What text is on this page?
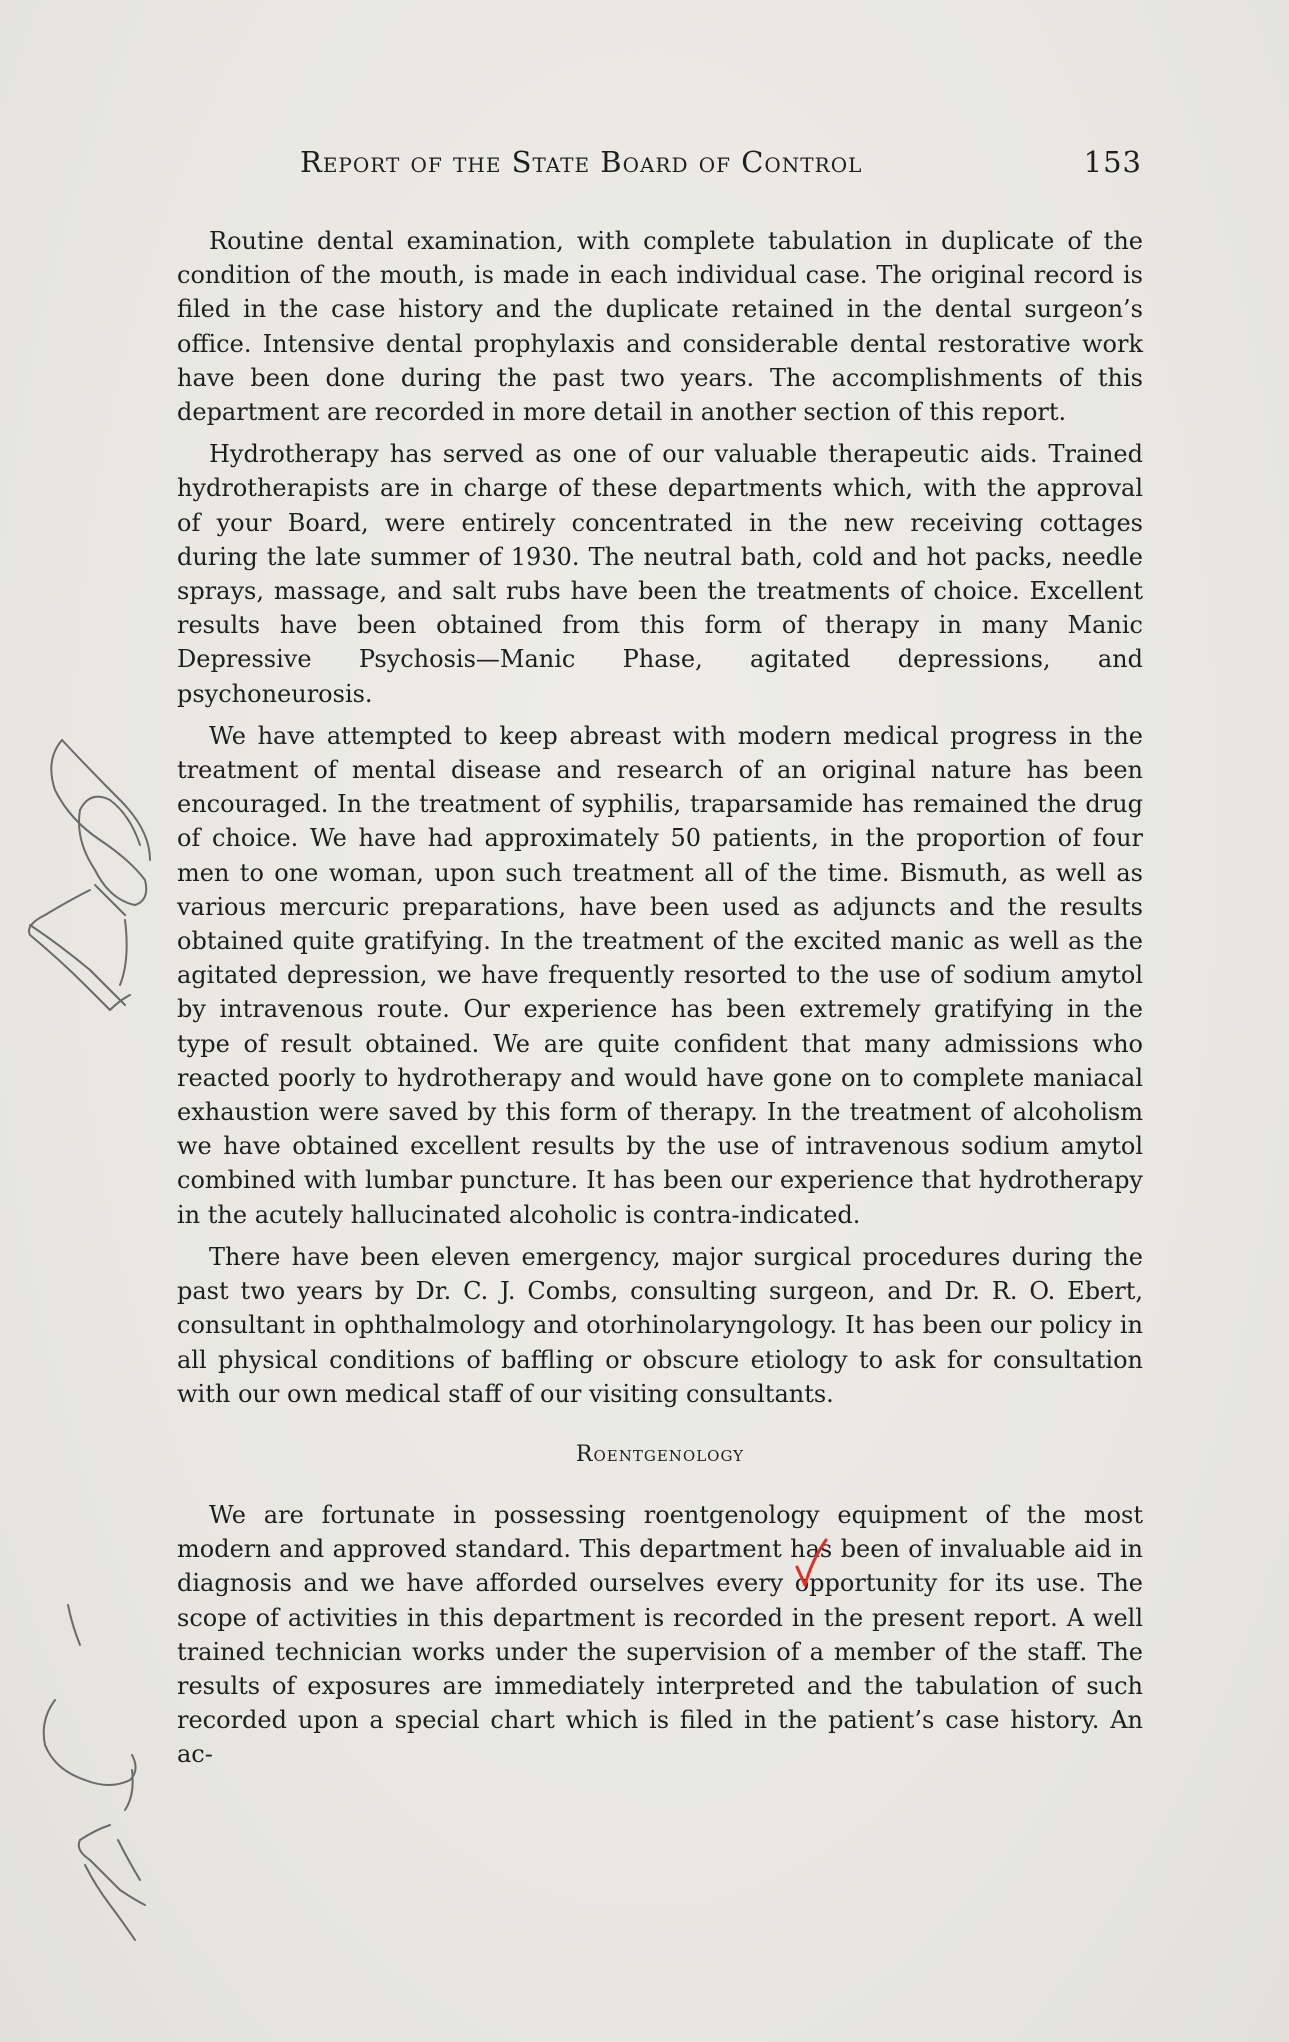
Report of the State Board of Control	153

Routine dental examination, with complete tabulation in duplicate of the condition of the mouth, is made in each individual case. The original record is filed in the case history and the duplicate retained in the dental surgeon’s office. Intensive dental prophylaxis and considerable dental restorative work have been done during the past two years. The accomplishments of this department are recorded in more detail in another section of this report.

Hydrotherapy has served as one of our valuable therapeutic aids. Trained hydrotherapists are in charge of these departments which, with the approval of your Board, were entirely concentrated in the new receiving cottages during the late summer of 1930. The neutral bath, cold and hot packs, needle sprays, massage, and salt rubs have been the treatments of choice. Excellent results have been obtained from this form of therapy in many Manic Depressive Psychosis—Manic Phase, agitated depressions, and psychoneurosis.

We have attempted to keep abreast with modern medical progress in the treatment of mental disease and research of an original nature has been encouraged. In the treatment of syphilis, traparsamide has remained the drug of choice. We have had approximately 50 patients, in the proportion of four men to one woman, upon such treatment all of the time. Bismuth, as well as various mercuric preparations, have been used as adjuncts and the results obtained quite gratifying. In the treatment of the excited manic as well as the agitated depression, we have frequently resorted to the use of sodium amytol by intravenous route. Our experience has been extremely gratifying in the type of result obtained. We are quite confident that many admissions who reacted poorly to hydrotherapy and would have gone on to complete maniacal exhaustion were saved by this form of therapy. In the treatment of alcoholism we have obtained excellent results by the use of intravenous sodium amytol combined with lumbar puncture. It has been our experience that hydrotherapy in the acutely hallucinated alcoholic is contra-indicated.

There have been eleven emergency, major surgical procedures during the past two years by Dr. C. J. Combs, consulting surgeon, and Dr. R. O. Ebert, consultant in ophthalmology and otorhinolaryngology. It has been our policy in all physical conditions of baffling or obscure etiology to ask for consultation with our own medical staff of our visiting consultants.

Roentgenology

We are fortunate in possessing roentgenology equipment of the most modern and approved standard. This department has been of invaluable aid in diagnosis and we have afforded ourselves every opportunity for its use. The scope of activities in this department is recorded in the present report. A well trained technician works under the supervision of a member of the staff. The results of exposures are immediately interpreted and the tabulation of such recorded upon a special chart which is filed in the patient’s case history. An ac-
